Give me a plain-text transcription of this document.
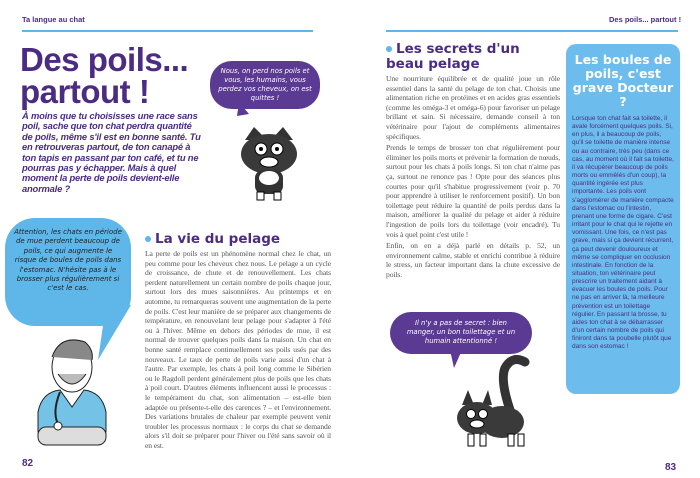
Ta langue au chat
Des poils...
partout !
À moins que tu choisisses une race sans poil, sache que ton chat perdra quantité de poils, même s'il est en bonne santé. Tu en retrouveras partout, de ton canapé à ton tapis en passant par ton café, et tu ne pourras pas y échapper. Mais à quel moment la perte de poils devient-elle anormale ?
Nous, on perd nos poils et vous, les humains, vous perdez vos cheveux, on est quittes !
Attention, les chats en période de mue perdent beaucoup de poils, ce qui augmente le risque de boules de poils dans l'estomac. N'hésite pas à le brosser plus régulièrement si c'est le cas.
82
La vie du pelage
La perte de poils est un phénomène normal chez le chat, un peu comme pour les cheveux chez nous. Le pelage a un cycle de croissance, de chute et de renouvellement. Les chats perdent naturellement un certain nombre de poils chaque jour, surtout lors des mues saisonnières. Au printemps et en automne, tu remarqueras souvent une augmentation de la perte de poils. C'est leur manière de se préparer aux changements de température, en renouvelant leur pelage pour s'adapter à l'été ou à l'hiver. Même en dehors des périodes de mue, il est normal de trouver quelques poils dans la maison. Un chat en bonne santé remplace continuellement ses poils usés par des nouveaux. Le taux de perte de poils varie aussi d'un chat à l'autre. Par exemple, les chats à poil long comme le Sibérien ou le Ragdoll perdent généralement plus de poils que les chats à poil court. D'autres éléments influencent aussi le processus : le tempérament du chat, son alimentation – est-elle bien adaptée ou présente-t-elle des carences ? – et l'environnement. Des variations brutales de chaleur par exemple peuvent venir troubler les processus normaux : le corps du chat se demande alors s'il doit se préparer pour l'hiver ou l'été sans savoir où il en est.
Des poils... partout !
Les secrets d'un beau pelage

Une nourriture équilibrée et de qualité joue un rôle essentiel dans la santé du pelage de ton chat. Choisis une alimentation riche en protéines et en acides gras essentiels (comme les oméga-3 et oméga-6) pour favoriser un pelage brillant et sain. Si nécessaire, demande conseil à ton vétérinaire pour l'ajout de compléments alimentaires spécifiques.

Prends le temps de brosser ton chat régulièrement pour éliminer les poils morts et prévenir la formation de nœuds, surtout pour les chats à poils longs. Si ton chat n'aime pas ça, surtout ne renonce pas ! Opte pour des séances plus courtes pour qu'il s'habitue progressivement (voir p. 70 pour apprendre à utiliser le renforcement positif). Un bon toilettage peut réduire la quantité de poils perdus dans la maison, améliorer la qualité du pelage et aider à réduire l'ingestion de poils lors du toilettage (voir encadré). Tu vois à quel point c'est utile !

Enfin, on en a déjà parlé en détails p. 52, un environnement calme, stable et enrichi contribue à réduire le stress, un facteur important dans la chute excessive de poils.

Il n'y a pas de secret : bien manger, un bon toilettage et un humain attentionné !
Les boules de poils, c'est grave Docteur ?
Lorsque ton chat fait sa toilette, il avale forcément quelques poils. Si, en plus, il a beaucoup de poils, qu'il se toilette de manière intense ou au contraire, très peu (dans ce cas, au moment où il fait sa toilette, il va récupérer beaucoup de poils morts ou emmêlés d'un coup), la quantité ingérée est plus importante. Les poils vont s'agglomérer de manière compacte dans l'estomac ou l'intestin, prenant une forme de cigare. C'est irritant pour le chat qui le rejette en vomissant. Une fois, ce n'est pas grave, mais si ça devient récurrent, ça peut devenir douloureux et même se compliquer en occlusion intestinale. En fonction de la situation, ton vétérinaire peut prescrire un traitement aidant à évacuer les boules de poils. Pour ne pas en arriver là, la meilleure prévention est un toilettage régulier. En passant la brosse, tu aides ton chat à se débarrasser d'un certain nombre de poils qui finiront dans ta poubelle plutôt que dans son estomac !
83
